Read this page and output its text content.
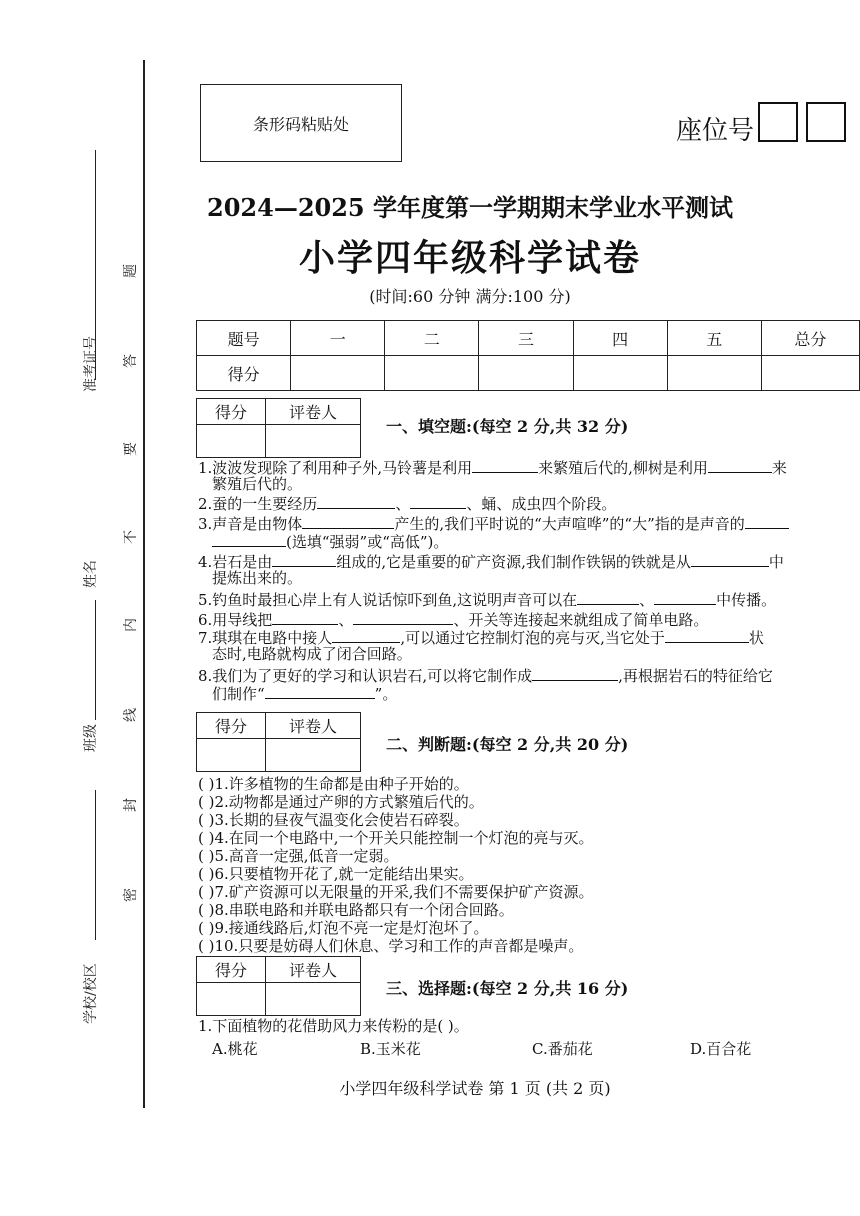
准考证号
姓名
班级
学校/校区
题
答
要
不
内
线
封
密
条形码粘贴处	座位号
2024—2025 学年度第一学期期末学业水平测试
小学四年级科学试卷
(时间:60 分钟 满分:100 分)
题号	一	二	三	四	五	总分
得分						
得分	评卷人

一、填空题:(每空 2 分,共 32 分)
1.波波发现除了利用种子外,马铃薯是利用	来繁殖后代的,柳树是利用	来
繁殖后代的。
2.蚕的一生要经历	、	、蛹、成虫四个阶段。
3.声音是由物体	产生的,我们平时说的“大声喧哗”的“大”指的是声音的
(选填“强弱”或“高低”)。
4.岩石是由	组成的,它是重要的矿产资源,我们制作铁锅的铁就是从	中
提炼出来的。
5.钓鱼时最担心岸上有人说话惊吓到鱼,这说明声音可以在	、	中传播。
6.用导线把	、	、开关等连接起来就组成了简单电路。
7.琪琪在电路中接人	,可以通过它控制灯泡的亮与灭,当它处于	状
态时,电路就构成了闭合回路。
8.我们为了更好的学习和认识岩石,可以将它制作成	,再根据岩石的特征给它
们制作“	”。
得分	评卷人

二、判断题:(每空 2 分,共 20 分)
( )1.许多植物的生命都是由种子开始的。
( )2.动物都是通过产卵的方式繁殖后代的。
( )3.长期的昼夜气温变化会使岩石碎裂。
( )4.在同一个电路中,一个开关只能控制一个灯泡的亮与灭。
( )5.高音一定强,低音一定弱。
( )6.只要植物开花了,就一定能结出果实。
( )7.矿产资源可以无限量的开采,我们不需要保护矿产资源。
( )8.串联电路和并联电路都只有一个闭合回路。
( )9.接通线路后,灯泡不亮一定是灯泡坏了。
( )10.只要是妨碍人们休息、学习和工作的声音都是噪声。
得分	评卷人

三、选择题:(每空 2 分,共 16 分)
1.下面植物的花借助风力来传粉的是( )。
A.桃花	B.玉米花	C.番茄花	D.百合花
小学四年级科学试卷 第 1 页 (共 2 页)
